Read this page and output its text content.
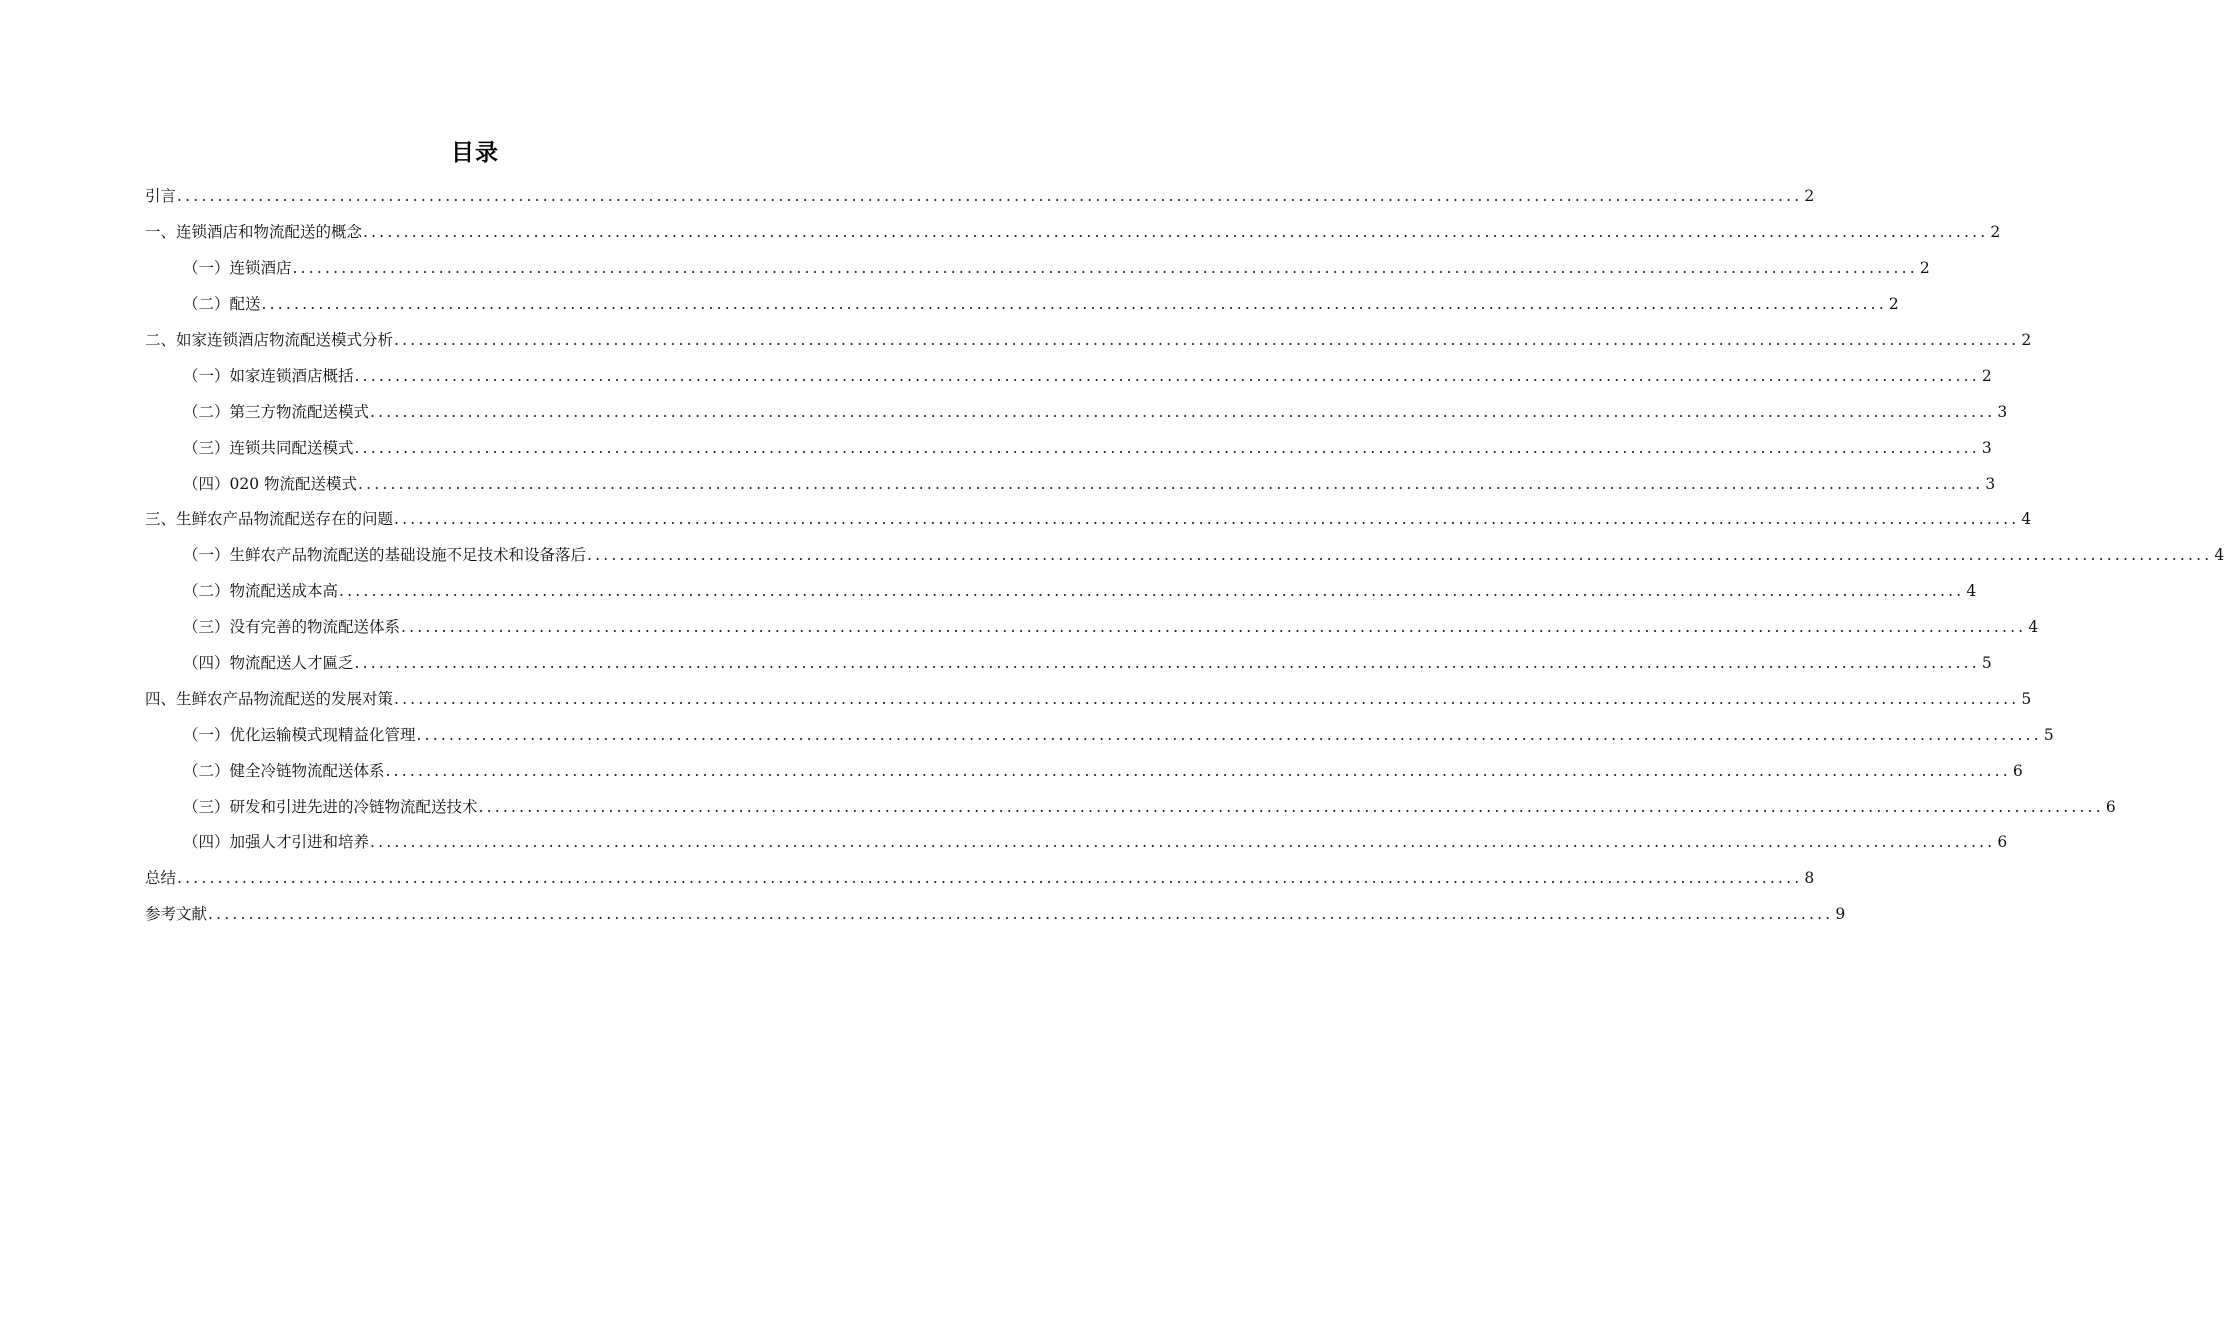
目录
引言 ........................................................................................................................................................................................................ 2
一、连锁酒店和物流配送的概念 ........................................................................................................................................................................................................ 2
（一）连锁酒店 ........................................................................................................................................................................................................ 2
（二）配送 ........................................................................................................................................................................................................ 2
二、如家连锁酒店物流配送模式分析 ........................................................................................................................................................................................................ 2
（一）如家连锁酒店概括 ........................................................................................................................................................................................................ 2
（二）第三方物流配送模式 ........................................................................................................................................................................................................ 3
（三）连锁共同配送模式 ........................................................................................................................................................................................................ 3
（四）020 物流配送模式 ........................................................................................................................................................................................................ 3
三、生鲜农产品物流配送存在的问题 ........................................................................................................................................................................................................ 4
（一）生鲜农产品物流配送的基础设施不足技术和设备落后 ........................................................................................................................................................................................................ 4
（二）物流配送成本高 ........................................................................................................................................................................................................ 4
（三）没有完善的物流配送体系 ........................................................................................................................................................................................................ 4
（四）物流配送人才匾乏 ........................................................................................................................................................................................................ 5
四、生鲜农产品物流配送的发展对策 ........................................................................................................................................................................................................ 5
（一）优化运输模式现精益化管理 ........................................................................................................................................................................................................ 5
（二）健全冷链物流配送体系 ........................................................................................................................................................................................................ 6
（三）研发和引进先进的冷链物流配送技术 ........................................................................................................................................................................................................ 6
（四）加强人才引进和培养 ........................................................................................................................................................................................................ 6
总结 ........................................................................................................................................................................................................ 8
参考文献 ........................................................................................................................................................................................................ 9
